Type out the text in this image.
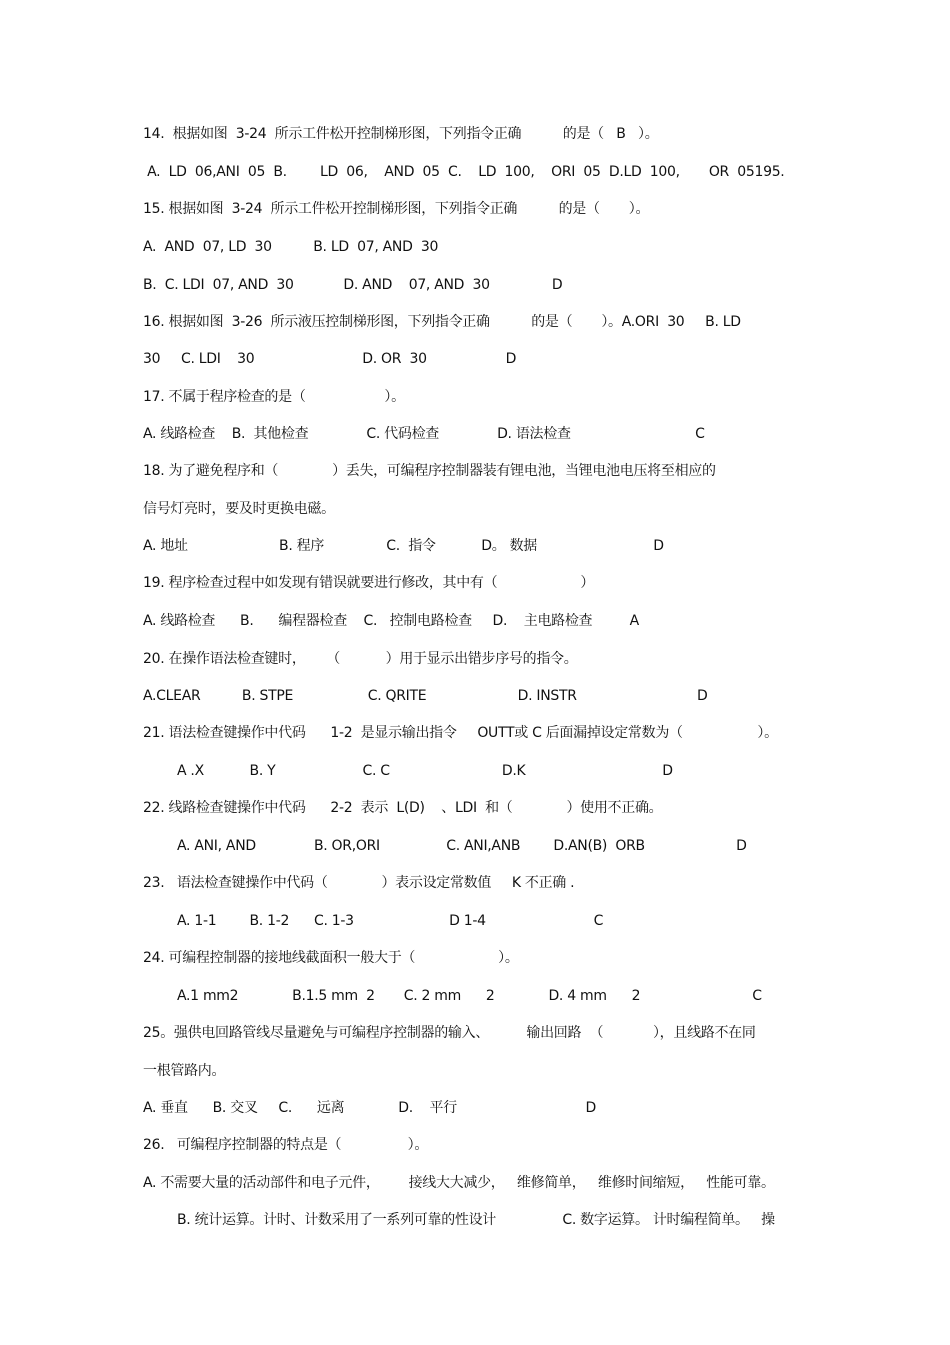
14.  根据如图  3-24  所示工件松开控制梯形图，下列指令正确          的是（   B   ）。
A.  LD  06,ANI  05  B.        LD  06,    AND  05  C.    LD  100,    ORI  05  D.LD  100,       OR  05195.
15. 根据如图  3-24  所示工件松开控制梯形图，下列指令正确          的是（       ）。
A.  AND  07, LD  30          B. LD  07, AND  30
B.  C. LDI  07, AND  30            D. AND    07, AND  30               D
16. 根据如图  3-26  所示液压控制梯形图，下列指令正确          的是（       ）。A.ORI  30     B. LD
30     C. LDI    30                          D. OR  30                   D
17. 不属于程序检查的是（                   ）。
A. 线路检查    B.  其他检查              C. 代码检查              D. 语法检查                              C
18. 为了避免程序和（             ）丢失，可编程序控制器装有锂电池，当锂电池电压将至相应的
信号灯亮时，要及时更换电磁。
A. 地址                      B. 程序               C.  指令           D。 数据                            D
19. 程序检查过程中如发现有错误就要进行修改，其中有（                    ）
A. 线路检查      B.      编程器检查    C.   控制电路检查     D.    主电路检查         A
20. 在操作语法检查键时，     （           ）用于显示出错步序号的指令。
A.CLEAR          B. STPE                  C. QRITE                      D. INSTR                             D
21. 语法检查键操作中代码      1-2  是显示输出指令     OUTT或 C 后面漏掉设定常数为（                  ）。
A .X           B. Y                     C. C                           D.K                                 D
22. 线路检查键操作中代码      2-2  表示  L(D)    、LDI  和（             ）使用不正确。
A. ANI, AND              B. OR,ORI                C. ANI,ANB        D.AN(B)  ORB                      D
23.   语法检查键操作中代码（             ）表示设定常数值     K 不正确 .
A. 1-1        B. 1-2      C. 1-3                       D 1-4                          C
24. 可编程控制器的接地线截面积一般大于（                    ）。
A.1 mm2             B.1.5 mm  2       C. 2 mm      2             D. 4 mm      2                           C
25。强供电回路管线尽量避免与可编程序控制器的输入、         输出回路  （            ），且线路不在同
一根管路内。
A. 垂直      B. 交叉     C.      远离             D.    平行                               D
26.   可编程序控制器的特点是（                ）。
A. 不需要大量的活动部件和电子元件，       接线大大减少，   维修简单，   维修时间缩短，   性能可靠。
B. 统计运算。计时、计数采用了一系列可靠的性设计                C. 数字运算。 计时编程简单。   操
